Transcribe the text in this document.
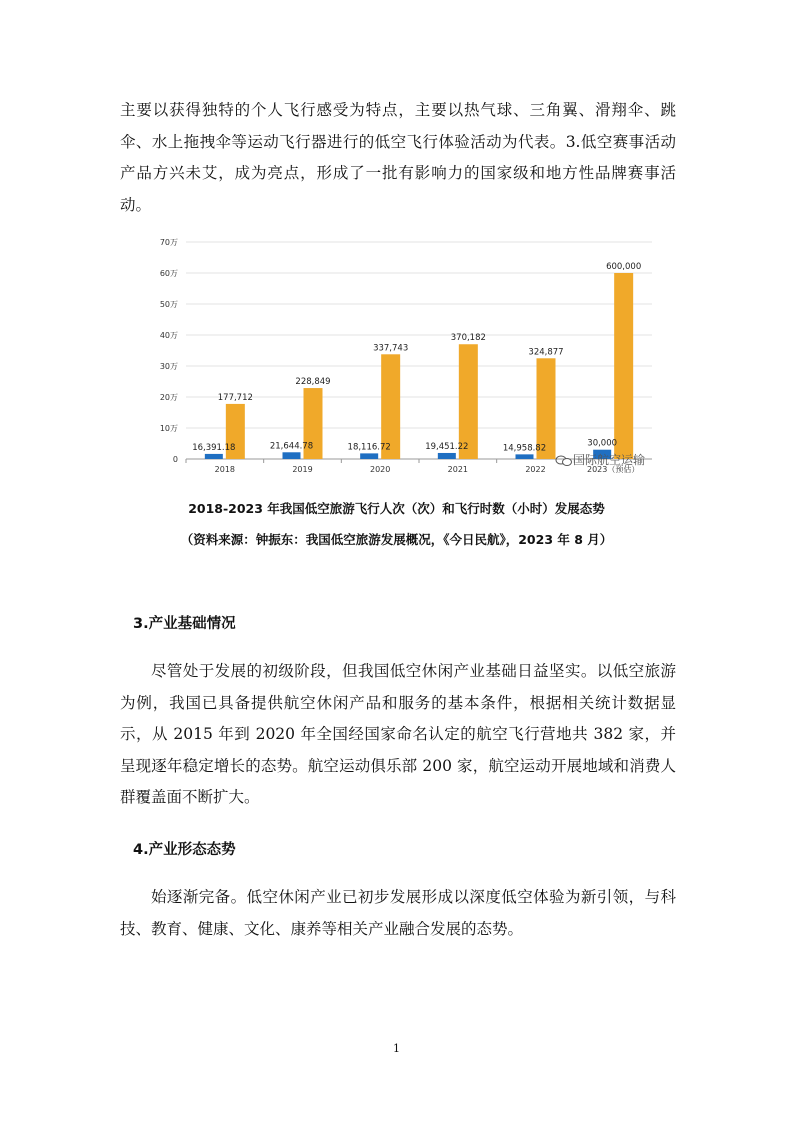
主要以获得独特的个人飞行感受为特点，主要以热气球、三角翼、滑翔伞、跳伞、水上拖拽伞等运动飞行器进行的低空飞行体验活动为代表。3.低空赛事活动产品方兴未艾，成为亮点，形成了一批有影响力的国家级和地方性品牌赛事活动。

0
10万
20万
30万
40万
50万
60万
70万
16,391.18
177,712
21,644.78
228,849
18,116.72
337,743
19,451.22
370,182
14,958.82
324,877
30,000
600,000
2018	2019	2020	2021	2022	2023（预估）
国际航空运输

2018-2023 年我国低空旅游飞行人次（次）和飞行时数（小时）发展态势

（资料来源：钟振东：我国低空旅游发展概况，《今日民航》，2023 年 8 月）

3.产业基础情况

尽管处于发展的初级阶段，但我国低空休闲产业基础日益坚实。以低空旅游为例，我国已具备提供航空休闲产品和服务的基本条件，根据相关统计数据显示，从 2015 年到 2020 年全国经国家命名认定的航空飞行营地共 382 家，并呈现逐年稳定增长的态势。航空运动俱乐部 200 家，航空运动开展地域和消费人群覆盖面不断扩大。

4.产业形态态势

始逐渐完备。低空休闲产业已初步发展形成以深度低空体验为新引领，与科技、教育、健康、文化、康养等相关产业融合发展的态势。

1
